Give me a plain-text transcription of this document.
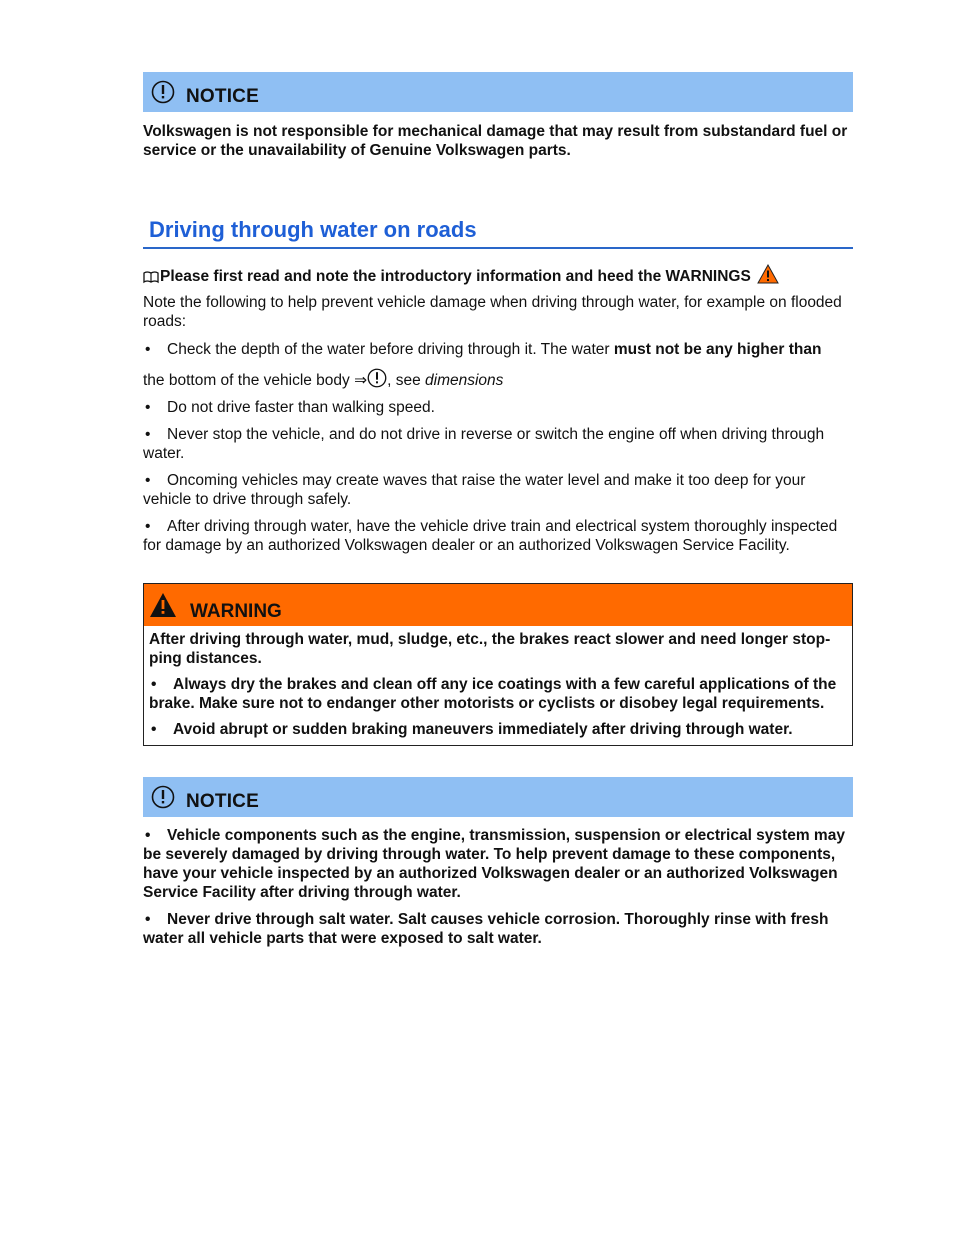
NOTICE

Volkswagen is not responsible for mechanical damage that may result from substandard fuel or service or the unavailability of Genuine Volkswagen parts.

Driving through water on roads
Please first read and note the introductory information and heed the WARNINGS

Note the following to help prevent vehicle damage when driving through water, for example on flooded roads:

•	Check the depth of the water before driving through it. The water must not be any higher than

the bottom of the vehicle body ⇒ , see dimensions

•	Do not drive faster than walking speed.
• Never stop the vehicle, and do not drive in reverse or switch the engine off when driving through water.
• Oncoming vehicles may create waves that raise the water level and make it too deep for your vehicle to drive through safely.
• After driving through water, have the vehicle drive train and electrical system thoroughly inspected for damage by an authorized Volkswagen dealer or an authorized Volkswagen Service Facility.
WARNING

After driving through water, mud, sludge, etc., the brakes react slower and need longer stop-ping distances.

• Always dry the brakes and clean off any ice coatings with a few careful applications of the brake. Make sure not to endanger other motorists or cyclists or disobey legal requirements.
• Avoid abrupt or sudden braking maneuvers immediately after driving through water.
NOTICE
• Vehicle components such as the engine, transmission, suspension or electrical system may be severely damaged by driving through water. To help prevent damage to these components, have your vehicle inspected by an authorized Volkswagen dealer or an authorized Volkswagen Service Facility after driving through water.
• Never drive through salt water. Salt causes vehicle corrosion. Thoroughly rinse with fresh water all vehicle parts that were exposed to salt water.
